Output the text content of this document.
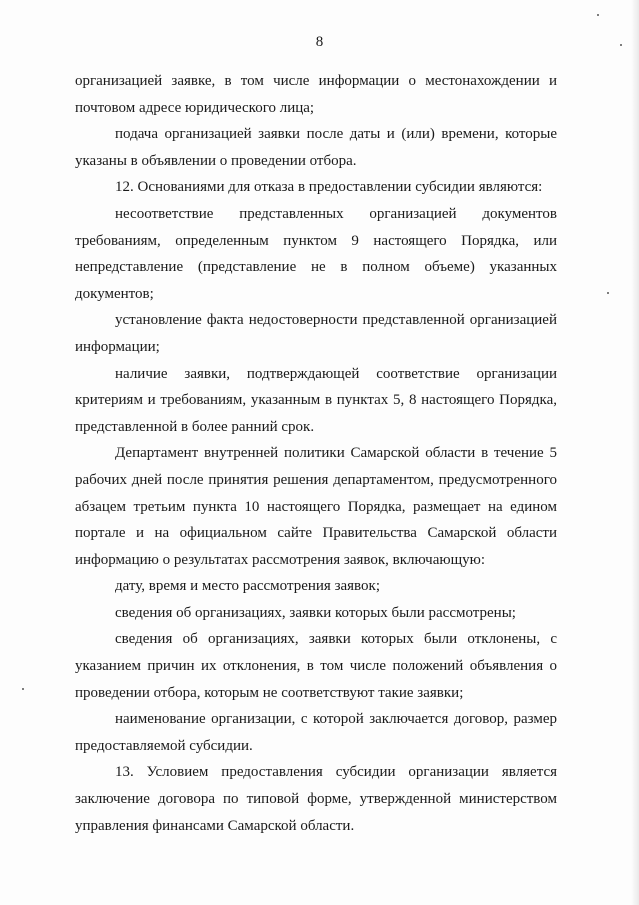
8

организацией заявке, в том числе информации о местонахождении и почтовом адресе юридического лица;

подача организацией заявки после даты и (или) времени, которые указаны в объявлении о проведении отбора.

12. Основаниями для отказа в предоставлении субсидии являются:

несоответствие представленных организацией документов требованиям, определенным пунктом 9 настоящего Порядка, или непредставление (представление не в полном объеме) указанных документов;

установление факта недостоверности представленной организацией информации;

наличие заявки, подтверждающей соответствие организации критериям и требованиям, указанным в пунктах 5, 8 настоящего Порядка, представленной в более ранний срок.

Департамент внутренней политики Самарской области в течение 5 рабочих дней после принятия решения департаментом, предусмотренного абзацем третьим пункта 10 настоящего Порядка, размещает на едином портале и на официальном сайте Правительства Самарской области информацию о результатах рассмотрения заявок, включающую:

дату, время и место рассмотрения заявок;

сведения об организациях, заявки которых были рассмотрены;

сведения об организациях, заявки которых были отклонены, с указанием причин их отклонения, в том числе положений объявления о проведении отбора, которым не соответствуют такие заявки;

наименование организации, с которой заключается договор, размер предоставляемой субсидии.

13. Условием предоставления субсидии организации является заключение договора по типовой форме, утвержденной министерством управления финансами Самарской области.
